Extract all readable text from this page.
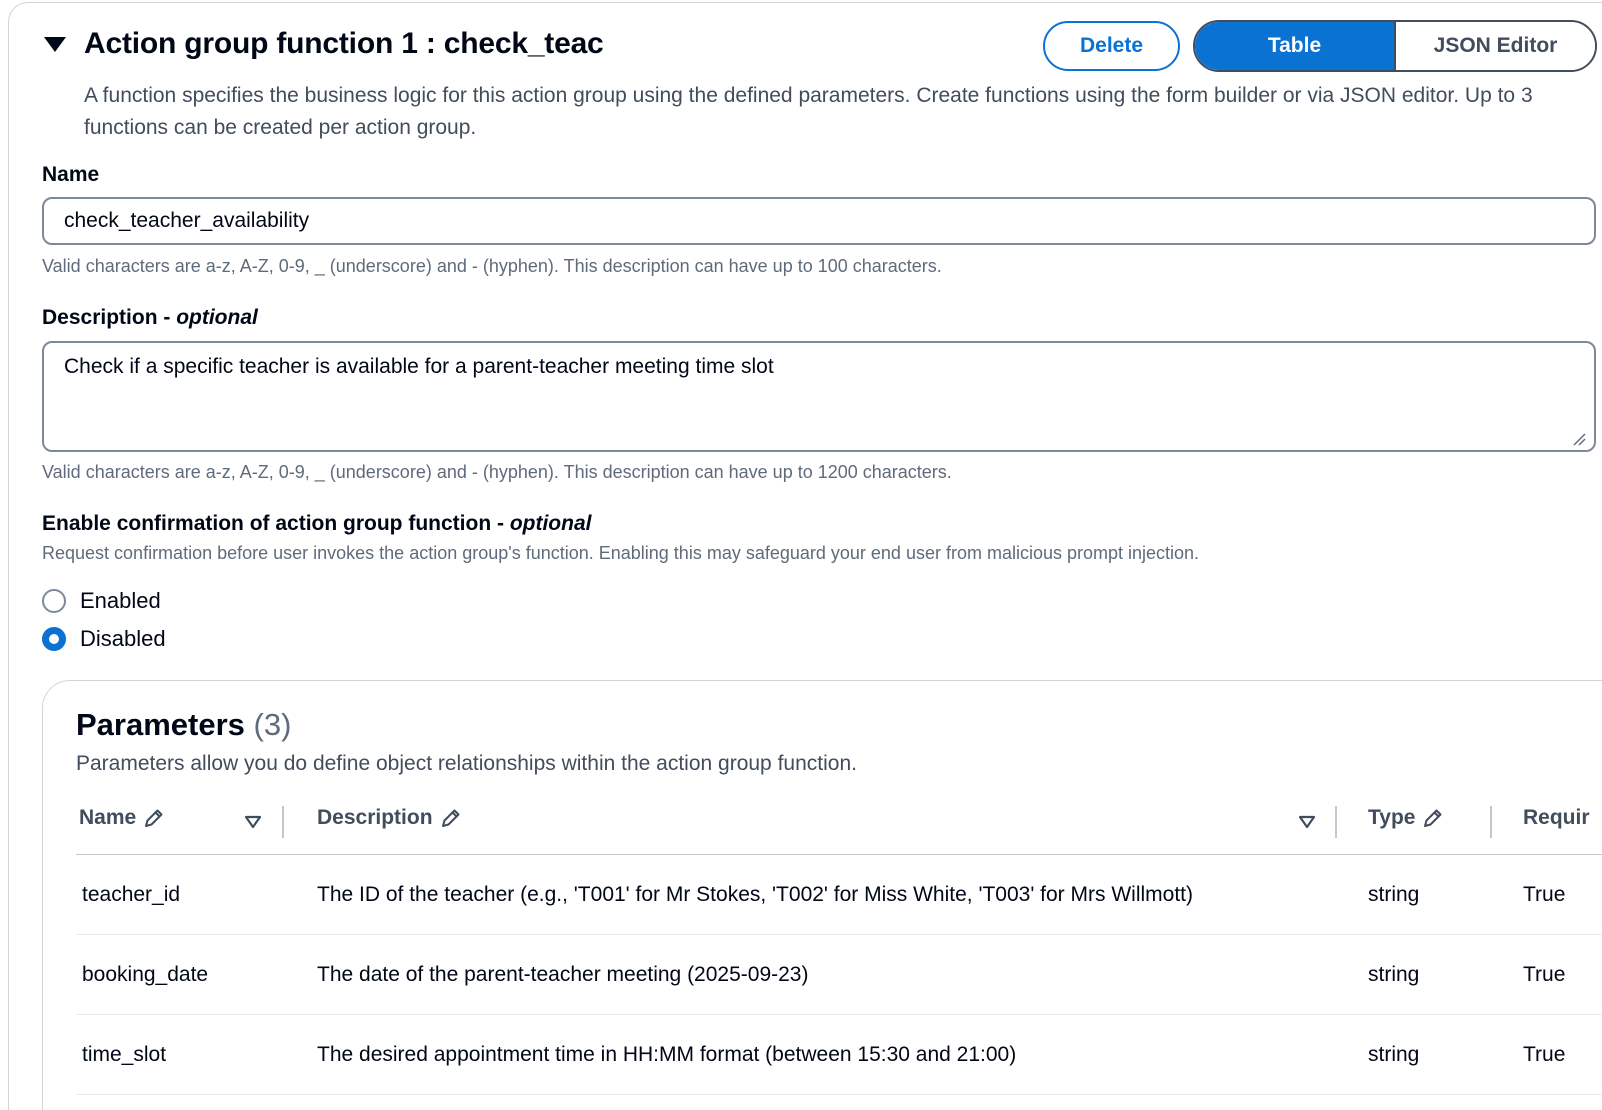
Action group function 1 : check_teac	Delete	Table	JSON Editor
A function specifies the business logic for this action group using the defined parameters. Create functions using the form builder or via JSON editor. Up to 3 functions can be created per action group.
Name
check_teacher_availability
Valid characters are a-z, A-Z, 0-9, _ (underscore) and - (hyphen). This description can have up to 100 characters.
Description - optional
Check if a specific teacher is available for a parent-teacher meeting time slot
Valid characters are a-z, A-Z, 0-9, _ (underscore) and - (hyphen). This description can have up to 1200 characters.
Enable confirmation of action group function - optional
Request confirmation before user invokes the action group's function. Enabling this may safeguard your end user from malicious prompt injection.
Enabled
Disabled
Parameters (3)
Parameters allow you do define object relationships within the action group function.
Name	Description	Type	Requir
teacher_id	The ID of the teacher (e.g., 'T001' for Mr Stokes, 'T002' for Miss White, 'T003' for Mrs Willmott)	string	True
booking_date	The date of the parent-teacher meeting (2025-09-23)	string	True
time_slot	The desired appointment time in HH:MM format (between 15:30 and 21:00)	string	True
